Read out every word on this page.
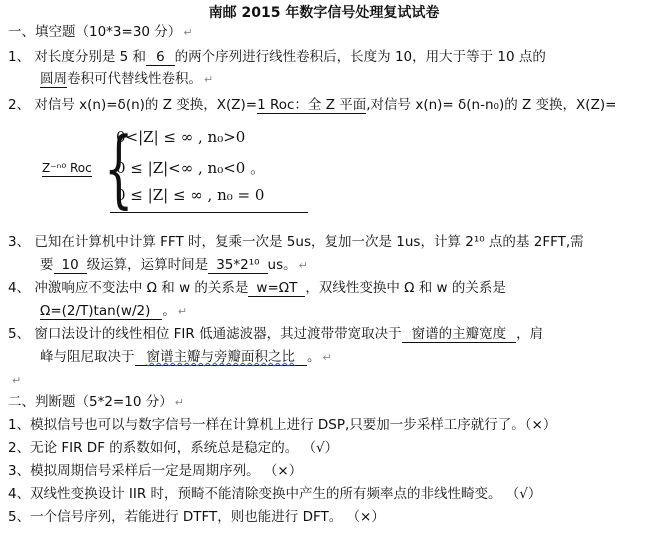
南邮 2015 年数字信号处理复试试卷
一、填空题（10*3=30 分） ↵
1、 对长度分别是 5 和 6 的两个序列进行线性卷积后，长度为 10，用大于等于 10 点的
圆周卷积可代替线性卷积。 ↵
2、 对信号 x(n)=δ(n)的 Z 变换，X(Z)=1 Roc：全 Z 平面,对信号 x(n)= δ(n-n₀)的 Z 变换，X(Z)=
Z⁻ⁿ⁰ Roc {
0<|Z| ≤ ∞ , n₀>0
0 ≤ |Z|<∞ , n₀<0 。
0 ≤ |Z| ≤ ∞ , n₀ = 0
3、 已知在计算机中计算 FFT 时，复乘一次是 5us，复加一次是 1us，计算 2¹⁰ 点的基 2FFT,需
要 10 级运算，运算时间是 35*2¹⁰ us。 ↵
4、 冲激响应不变法中 Ω 和 w 的关系是 w=ΩT ，双线性变换中 Ω 和 w 的关系是
Ω=(2/T)tan(w/2) 。 ↵
5、 窗口法设计的线性相位 FIR 低通滤波器，其过渡带带宽取决于 窗谱的主瓣宽度 ，肩
峰与阻尼取决于 窗谱主瓣与旁瓣面积之比 。 ↵
↵
二、判断题（5*2=10 分） ↵
1、模拟信号也可以与数字信号一样在计算机上进行 DSP,只要加一步采样工序就行了。（×）
2、无论 FIR DF 的系数如何，系统总是稳定的。 （√）
3、模拟周期信号采样后一定是周期序列。 （×）
4、双线性变换设计 IIR 时，预畸不能清除变换中产生的所有频率点的非线性畸变。 （√）
5、一个信号序列，若能进行 DTFT，则也能进行 DFT。 （×）
